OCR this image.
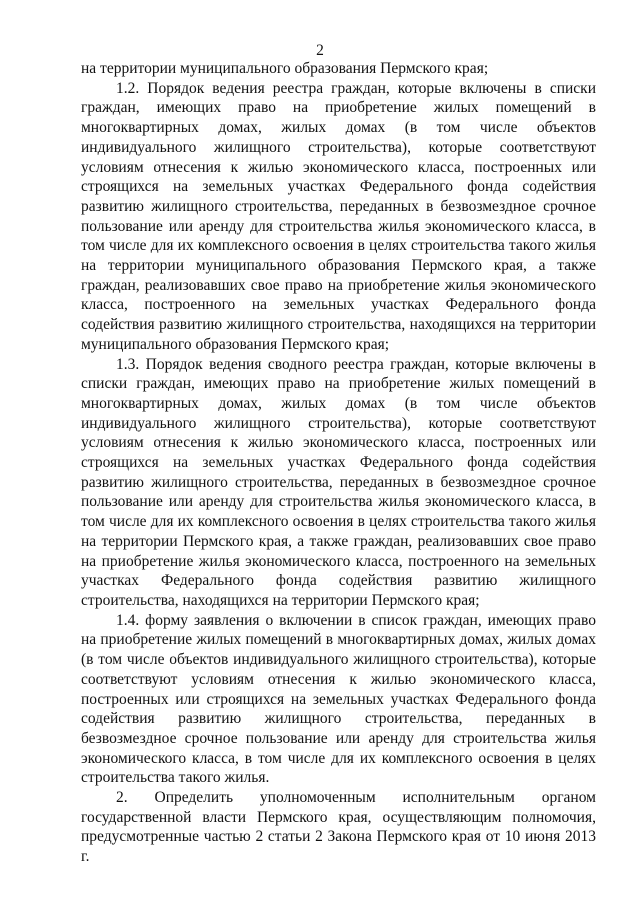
2

на территории муниципального образования Пермского края;

1.2. Порядок ведения реестра граждан, которые включены в списки граждан, имеющих право на приобретение жилых помещений в многоквартирных домах, жилых домах (в том числе объектов индивидуального жилищного строительства), которые соответствуют условиям отнесения к жилью экономического класса, построенных или строящихся на земельных участках Федерального фонда содействия развитию жилищного строительства, переданных в безвозмездное срочное пользование или аренду для строительства жилья экономического класса, в том числе для их комплексного освоения в целях строительства такого жилья на территории муниципального образования Пермского края, а также граждан, реализовавших свое право на приобретение жилья экономического класса, построенного на земельных участках Федерального фонда содействия развитию жилищного строительства, находящихся на территории муниципального образования Пермского края;

1.3. Порядок ведения сводного реестра граждан, которые включены в списки граждан, имеющих право на приобретение жилых помещений в многоквартирных домах, жилых домах (в том числе объектов индивидуального жилищного строительства), которые соответствуют условиям отнесения к жилью экономического класса, построенных или строящихся на земельных участках Федерального фонда содействия развитию жилищного строительства, переданных в безвозмездное срочное пользование или аренду для строительства жилья экономического класса, в том числе для их комплексного освоения в целях строительства такого жилья на территории Пермского края, а также граждан, реализовавших свое право на приобретение жилья экономического класса, построенного на земельных участках Федерального фонда содействия развитию жилищного строительства, находящихся на территории Пермского края;

1.4. форму заявления о включении в список граждан, имеющих право на приобретение жилых помещений в многоквартирных домах, жилых домах (в том числе объектов индивидуального жилищного строительства), которые соответствуют условиям отнесения к жилью экономического класса, построенных или строящихся на земельных участках Федерального фонда содействия развитию жилищного строительства, переданных в безвозмездное срочное пользование или аренду для строительства жилья экономического класса, в том числе для их комплексного освоения в целях строительства такого жилья.

2. Определить уполномоченным исполнительным органом государственной власти Пермского края, осуществляющим полномочия, предусмотренные частью 2 статьи 2 Закона Пермского края от 10 июня 2013 г.
